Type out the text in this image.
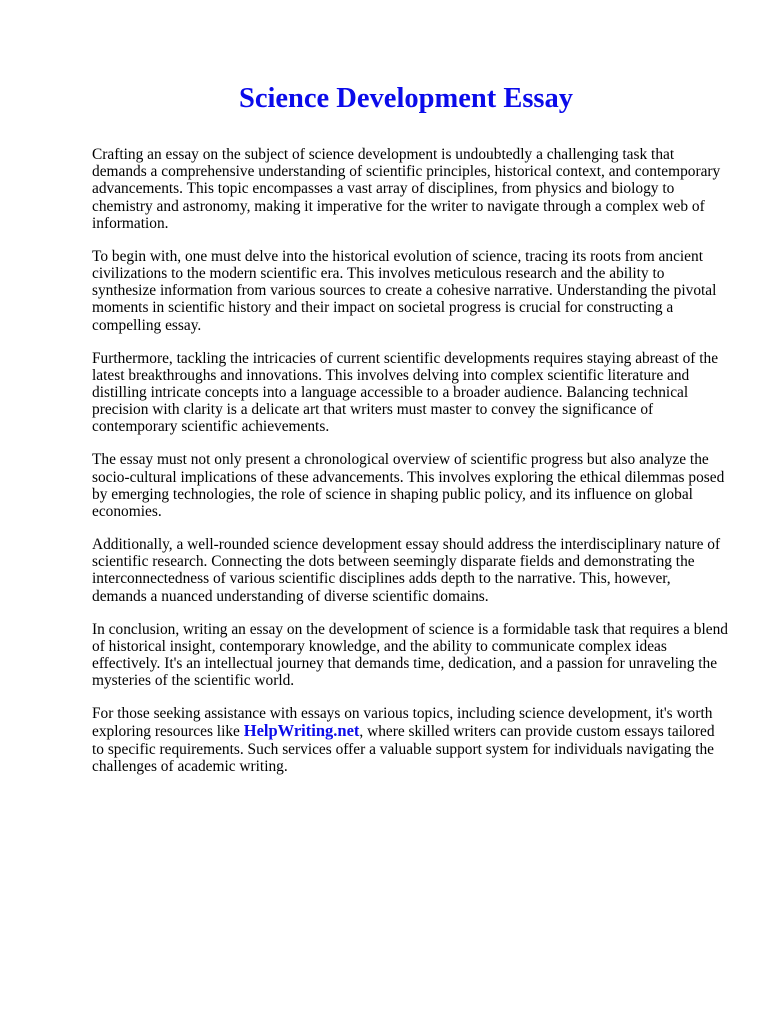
Science Development Essay

Crafting an essay on the subject of science development is undoubtedly a challenging task that demands a comprehensive understanding of scientific principles, historical context, and contemporary advancements. This topic encompasses a vast array of disciplines, from physics and biology to chemistry and astronomy, making it imperative for the writer to navigate through a complex web of information.

To begin with, one must delve into the historical evolution of science, tracing its roots from ancient civilizations to the modern scientific era. This involves meticulous research and the ability to synthesize information from various sources to create a cohesive narrative. Understanding the pivotal moments in scientific history and their impact on societal progress is crucial for constructing a compelling essay.

Furthermore, tackling the intricacies of current scientific developments requires staying abreast of the latest breakthroughs and innovations. This involves delving into complex scientific literature and distilling intricate concepts into a language accessible to a broader audience. Balancing technical precision with clarity is a delicate art that writers must master to convey the significance of contemporary scientific achievements.

The essay must not only present a chronological overview of scientific progress but also analyze the socio-cultural implications of these advancements. This involves exploring the ethical dilemmas posed by emerging technologies, the role of science in shaping public policy, and its influence on global economies.

Additionally, a well-rounded science development essay should address the interdisciplinary nature of scientific research. Connecting the dots between seemingly disparate fields and demonstrating the interconnectedness of various scientific disciplines adds depth to the narrative. This, however, demands a nuanced understanding of diverse scientific domains.

In conclusion, writing an essay on the development of science is a formidable task that requires a blend of historical insight, contemporary knowledge, and the ability to communicate complex ideas effectively. It's an intellectual journey that demands time, dedication, and a passion for unraveling the mysteries of the scientific world.

For those seeking assistance with essays on various topics, including science development, it's worth exploring resources like HelpWriting.net, where skilled writers can provide custom essays tailored to specific requirements. Such services offer a valuable support system for individuals navigating the challenges of academic writing.
